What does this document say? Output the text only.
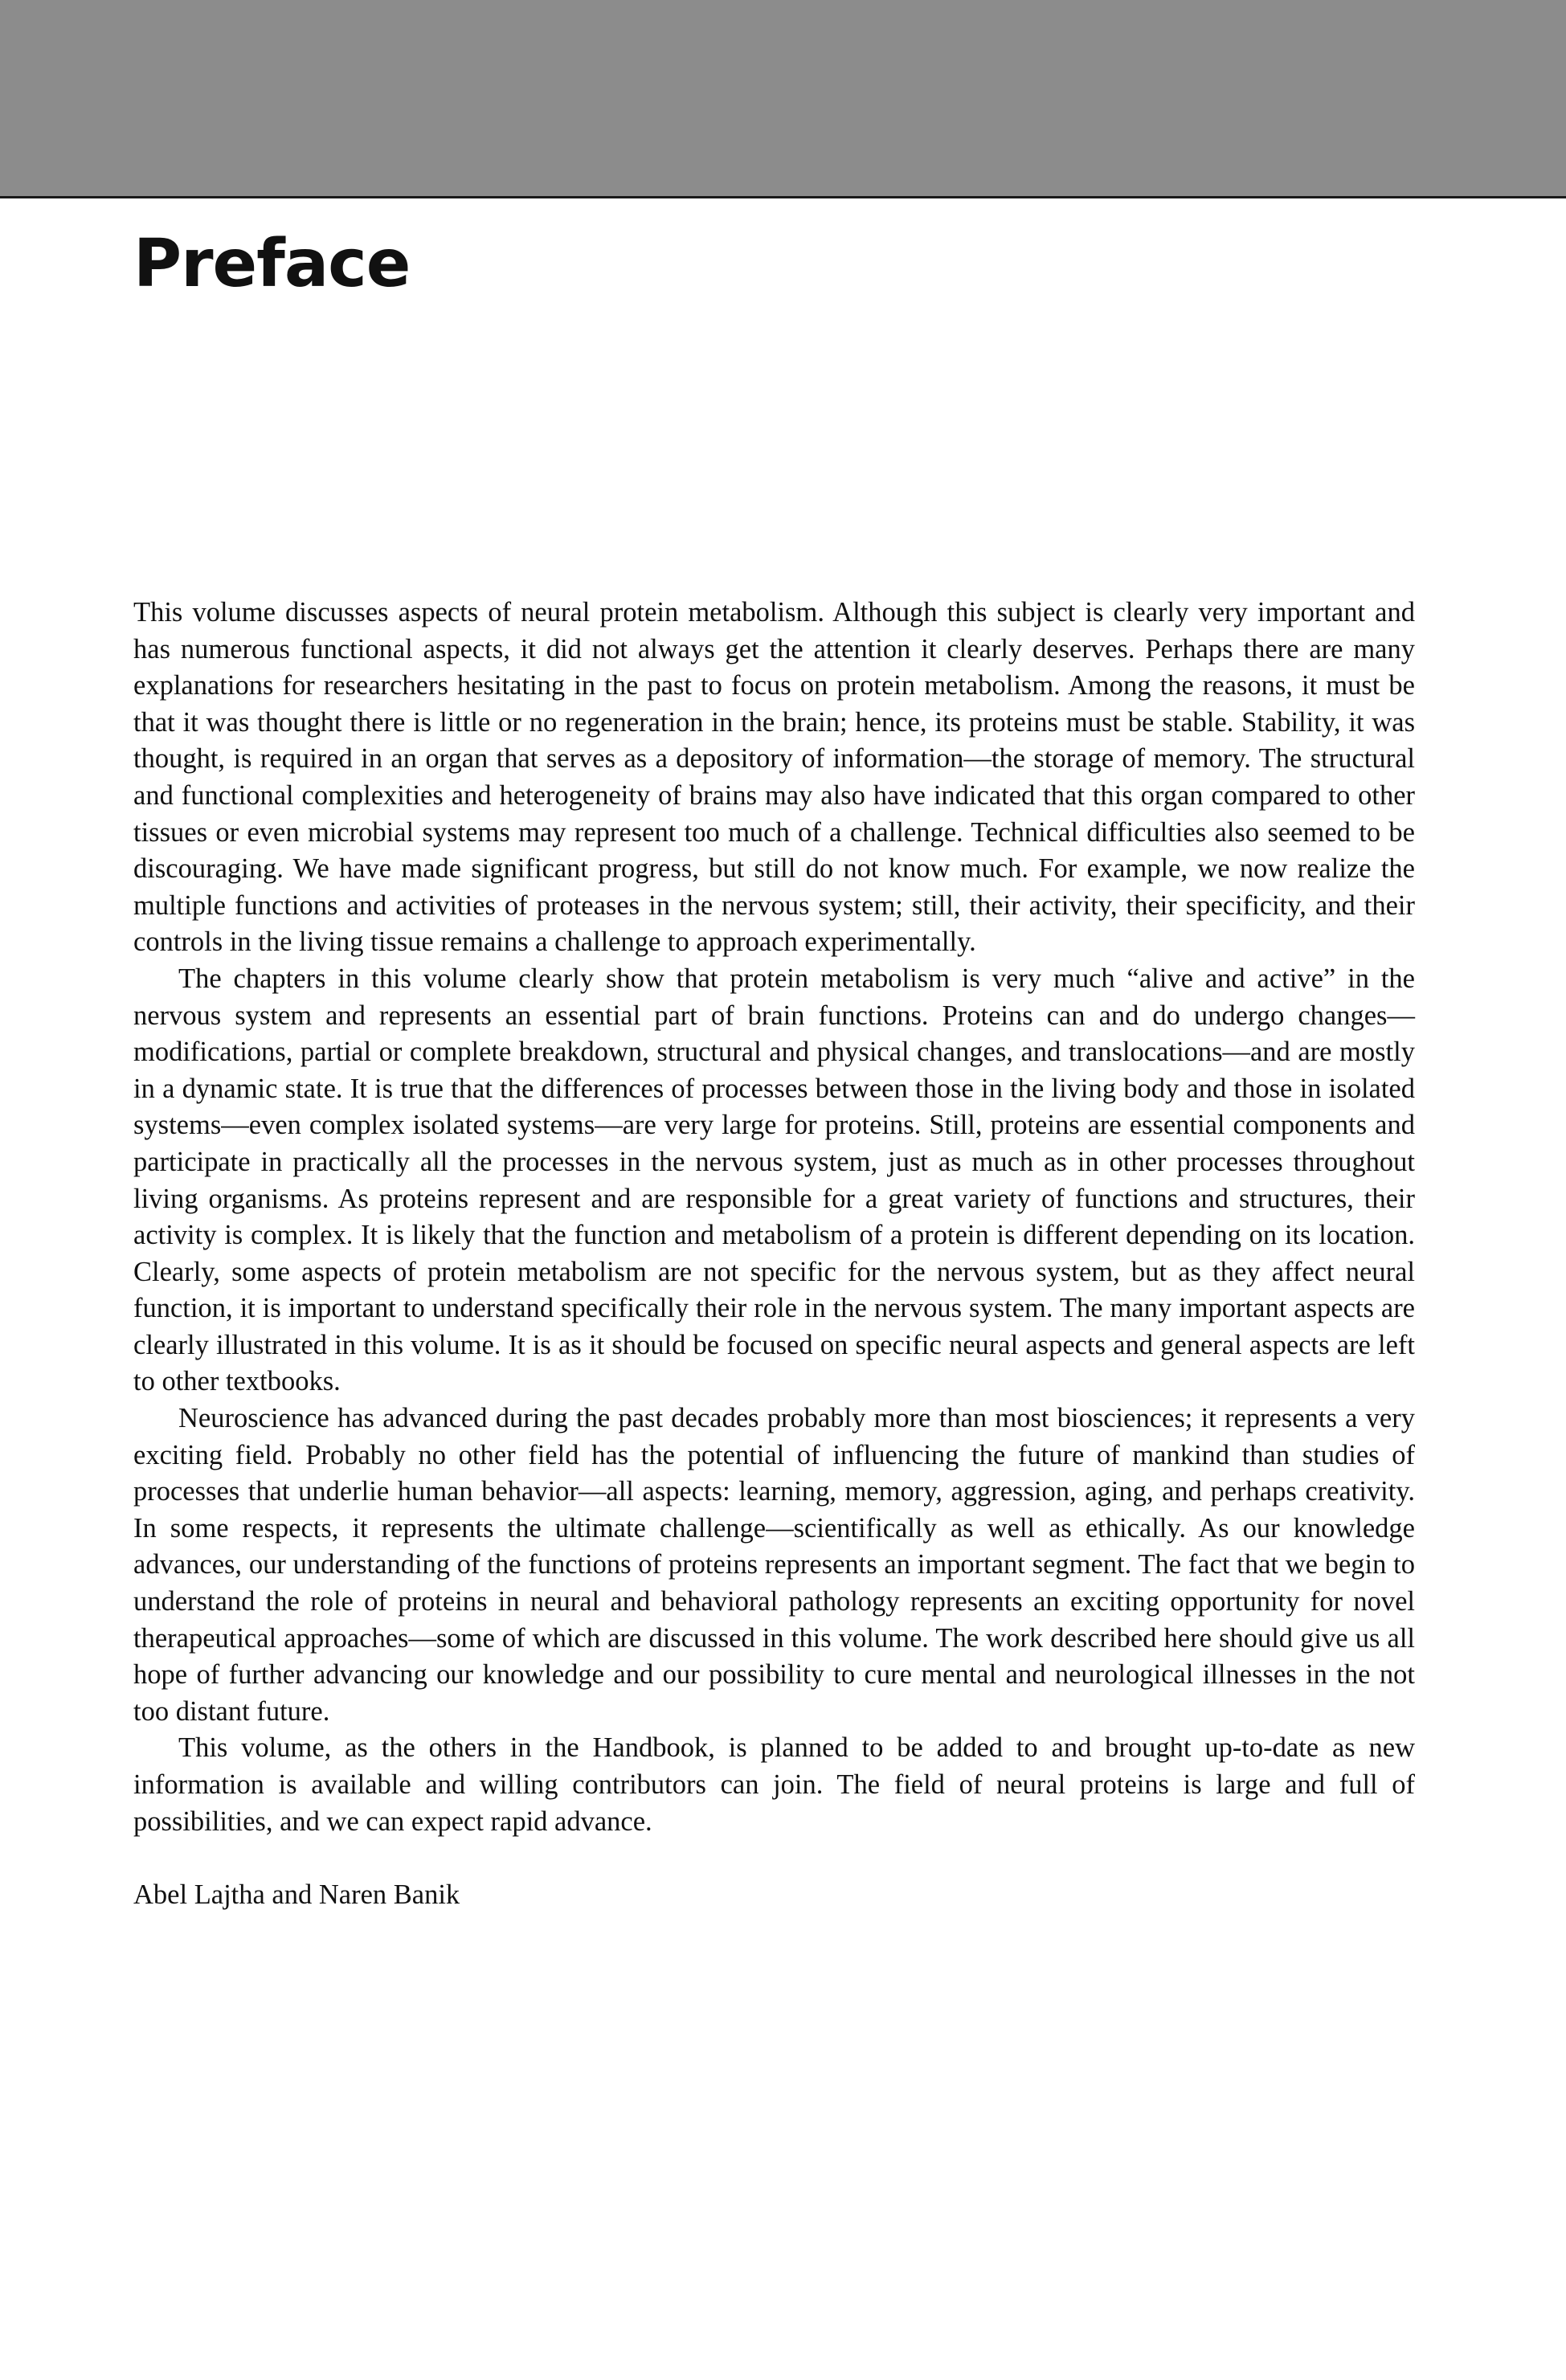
Preface

This volume discusses aspects of neural protein metabolism. Although this subject is clearly very important and has numerous functional aspects, it did not always get the attention it clearly deserves. Perhaps there are many explanations for researchers hesitating in the past to focus on protein metabolism. Among the reasons, it must be that it was thought there is little or no regeneration in the brain; hence, its proteins must be stable. Stability, it was thought, is required in an organ that serves as a depository of information—the storage of memory. The structural and functional complexities and heterogeneity of brains may also have indicated that this organ compared to other tissues or even microbial systems may represent too much of a challenge. Technical difficulties also seemed to be discouraging. We have made significant progress, but still do not know much. For example, we now realize the multiple functions and activities of proteases in the nervous system; still, their activity, their specificity, and their controls in the living tissue remains a challenge to approach experimentally.

The chapters in this volume clearly show that protein metabolism is very much “alive and active” in the nervous system and represents an essential part of brain functions. Proteins can and do undergo changes—modifications, partial or complete breakdown, structural and physical changes, and translocations—and are mostly in a dynamic state. It is true that the differences of processes between those in the living body and those in isolated systems—even complex isolated systems—are very large for proteins. Still, proteins are essential components and participate in practically all the processes in the nervous system, just as much as in other processes throughout living organisms. As proteins represent and are responsible for a great variety of functions and structures, their activity is complex. It is likely that the function and metabolism of a protein is different depending on its location. Clearly, some aspects of protein metabolism are not specific for the nervous system, but as they affect neural function, it is important to understand specifically their role in the nervous system. The many important aspects are clearly illustrated in this volume. It is as it should be focused on specific neural aspects and general aspects are left to other textbooks.

Neuroscience has advanced during the past decades probably more than most biosciences; it represents a very exciting field. Probably no other field has the potential of influencing the future of mankind than studies of processes that underlie human behavior—all aspects: learning, memory, aggression, aging, and perhaps creativity. In some respects, it represents the ultimate challenge—scientifically as well as ethically. As our knowledge advances, our understanding of the functions of proteins represents an important segment. The fact that we begin to understand the role of proteins in neural and behavioral pathology represents an exciting opportunity for novel therapeutical approaches—some of which are discussed in this volume. The work described here should give us all hope of further advancing our knowledge and our possibility to cure mental and neurological illnesses in the not too distant future.

This volume, as the others in the Handbook, is planned to be added to and brought up-to-date as new information is available and willing contributors can join. The field of neural proteins is large and full of possibilities, and we can expect rapid advance.

Abel Lajtha and Naren Banik
